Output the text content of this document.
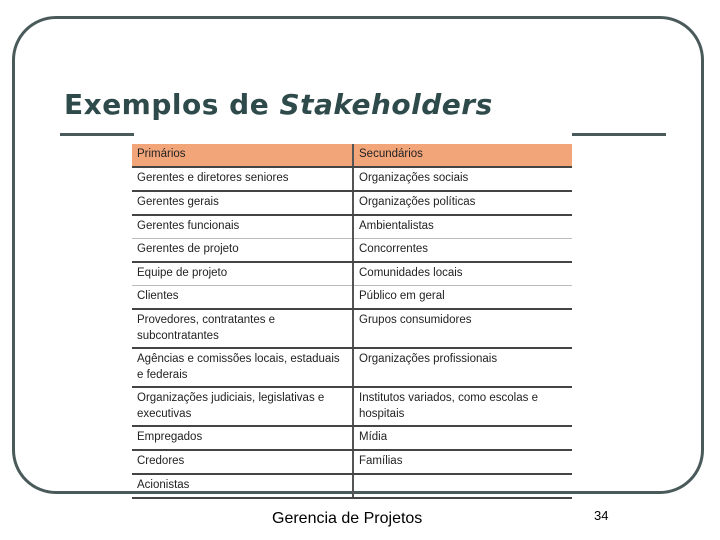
Exemplos de Stakeholders
Primários	Secundários
Gerentes e diretores seniores	Organizações sociais
Gerentes gerais	Organizações políticas
Gerentes funcionais	Ambientalistas
Gerentes de projeto	Concorrentes
Equipe de projeto	Comunidades locais
Clientes	Público em geral
Provedores, contratantes e subcontratantes	Grupos consumidores
Agências e comissões locais, estaduais e federais	Organizações profissionais
Organizações judiciais, legislativas e executivas	Institutos variados, como escolas e hospitais
Empregados	Mídia
Credores	Famílias
Acionistas	
Gerencia de Projetos	34
